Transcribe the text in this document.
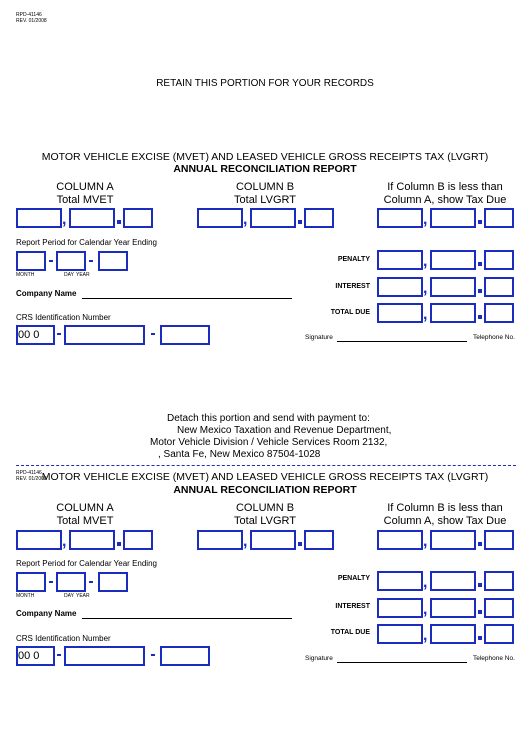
RPD-41146
REV. 01/2008
RETAIN THIS PORTION FOR YOUR RECORDS
MOTOR VEHICLE EXCISE (MVET) AND LEASED VEHICLE GROSS RECEIPTS TAX (LVGRT)
ANNUAL RECONCILIATION REPORT
COLUMN A
Total MVET
COLUMN B
Total LVGRT
If Column B is less than
Column A, show Tax Due
,	,	,
Report Period for Calendar Year Ending
MONTH	DAY YEAR
Company Name
CRS Identification Number
00 0
PENALTY	,
INTEREST	,
TOTAL DUE	,
Signature	Telephone No.
Detach this portion and send with payment to:
New Mexico Taxation and Revenue Department,
Motor Vehicle Division / Vehicle Services Room 2132,
, Santa Fe, New Mexico 87504-1028
RPD-41146
REV. 01/2008
MOTOR VEHICLE EXCISE (MVET) AND LEASED VEHICLE GROSS RECEIPTS TAX (LVGRT)
ANNUAL RECONCILIATION REPORT
COLUMN A
Total MVET
COLUMN B
Total LVGRT
If Column B is less than
Column A, show Tax Due
,	,	,
Report Period for Calendar Year Ending
MONTH	DAY YEAR
Company Name
CRS Identification Number
00 0
PENALTY	,
INTEREST	,
TOTAL DUE	,
Signature	Telephone No.
